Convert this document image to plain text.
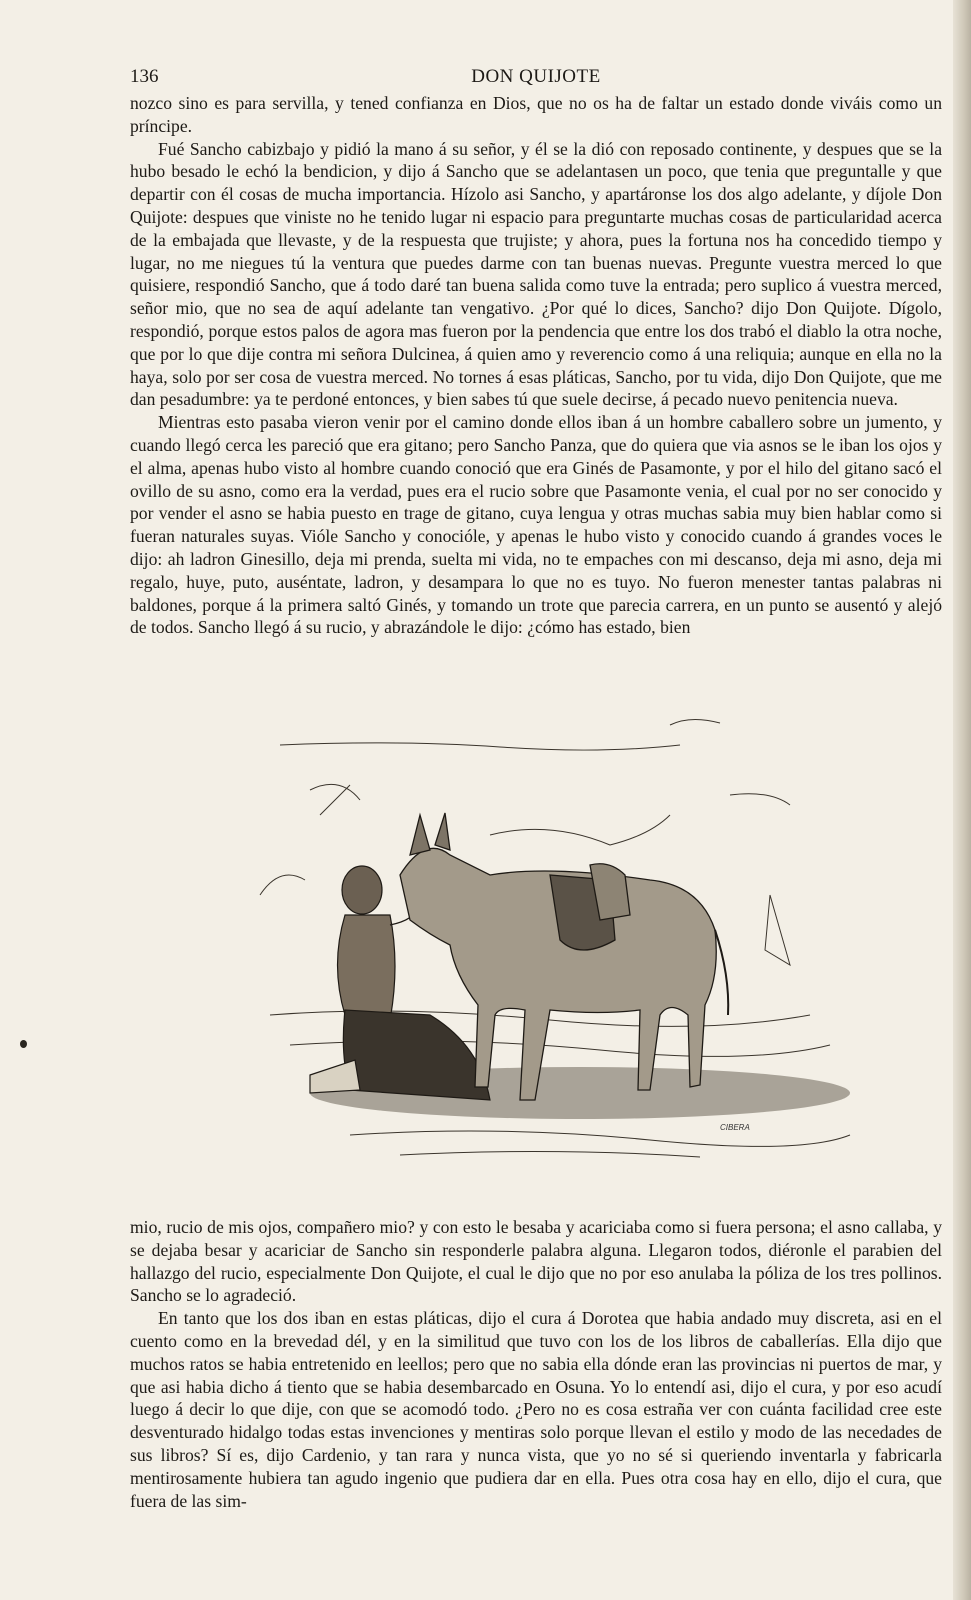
136	DON QUIJOTE

nozco sino es para servilla, y tened confianza en Dios, que no os ha de faltar un estado donde viváis como un príncipe.

Fué Sancho cabizbajo y pidió la mano á su señor, y él se la dió con reposado continente, y despues que se la hubo besado le echó la bendicion, y dijo á Sancho que se adelantasen un poco, que tenia que preguntalle y que departir con él cosas de mucha importancia. Hízolo asi Sancho, y apartáronse los dos algo adelante, y díjole Don Quijote: despues que viniste no he tenido lugar ni espacio para preguntarte muchas cosas de particularidad acerca de la embajada que llevaste, y de la respuesta que trujiste; y ahora, pues la fortuna nos ha concedido tiempo y lugar, no me niegues tú la ventura que puedes darme con tan buenas nuevas. Pregunte vuestra merced lo que quisiere, respondió Sancho, que á todo daré tan buena salida como tuve la entrada; pero suplico á vuestra merced, señor mio, que no sea de aquí adelante tan vengativo. ¿Por qué lo dices, Sancho? dijo Don Quijote. Dígolo, respondió, porque estos palos de agora mas fueron por la pendencia que entre los dos trabó el diablo la otra noche, que por lo que dije contra mi señora Dulcinea, á quien amo y reverencio como á una reliquia; aunque en ella no la haya, solo por ser cosa de vuestra merced. No tornes á esas pláticas, Sancho, por tu vida, dijo Don Quijote, que me dan pesadumbre: ya te perdoné entonces, y bien sabes tú que suele decirse, á pecado nuevo penitencia nueva.

Mientras esto pasaba vieron venir por el camino donde ellos iban á un hombre caballero sobre un jumento, y cuando llegó cerca les pareció que era gitano; pero Sancho Panza, que do quiera que via asnos se le iban los ojos y el alma, apenas hubo visto al hombre cuando conoció que era Ginés de Pasamonte, y por el hilo del gitano sacó el ovillo de su asno, como era la verdad, pues era el rucio sobre que Pasamonte venia, el cual por no ser conocido y por vender el asno se habia puesto en trage de gitano, cuya lengua y otras muchas sabia muy bien hablar como si fueran naturales suyas. Vióle Sancho y conocióle, y apenas le hubo visto y conocido cuando á grandes voces le dijo: ah ladron Ginesillo, deja mi prenda, suelta mi vida, no te empaches con mi descanso, deja mi asno, deja mi regalo, huye, puto, auséntate, ladron, y desampara lo que no es tuyo. No fueron menester tantas palabras ni baldones, porque á la primera saltó Ginés, y tomando un trote que parecia carrera, en un punto se ausentó y alejó de todos. Sancho llegó á su rucio, y abrazándole le dijo: ¿cómo has estado, bien

CIBERA

mio, rucio de mis ojos, compañero mio? y con esto le besaba y acariciaba como si fuera persona; el asno callaba, y se dejaba besar y acariciar de Sancho sin responderle palabra alguna. Llegaron todos, diéronle el parabien del hallazgo del rucio, especialmente Don Quijote, el cual le dijo que no por eso anulaba la póliza de los tres pollinos. Sancho se lo agradeció.

En tanto que los dos iban en estas pláticas, dijo el cura á Dorotea que habia andado muy discreta, asi en el cuento como en la brevedad dél, y en la similitud que tuvo con los de los libros de caballerías. Ella dijo que muchos ratos se habia entretenido en leellos; pero que no sabia ella dónde eran las provincias ni puertos de mar, y que asi habia dicho á tiento que se habia desembarcado en Osuna. Yo lo entendí asi, dijo el cura, y por eso acudí luego á decir lo que dije, con que se acomodó todo. ¿Pero no es cosa estraña ver con cuánta facilidad cree este desventurado hidalgo todas estas invenciones y mentiras solo porque llevan el estilo y modo de las necedades de sus libros? Sí es, dijo Cardenio, y tan rara y nunca vista, que yo no sé si queriendo inventarla y fabricarla mentirosamente hubiera tan agudo ingenio que pudiera dar en ella. Pues otra cosa hay en ello, dijo el cura, que fuera de las sim-
